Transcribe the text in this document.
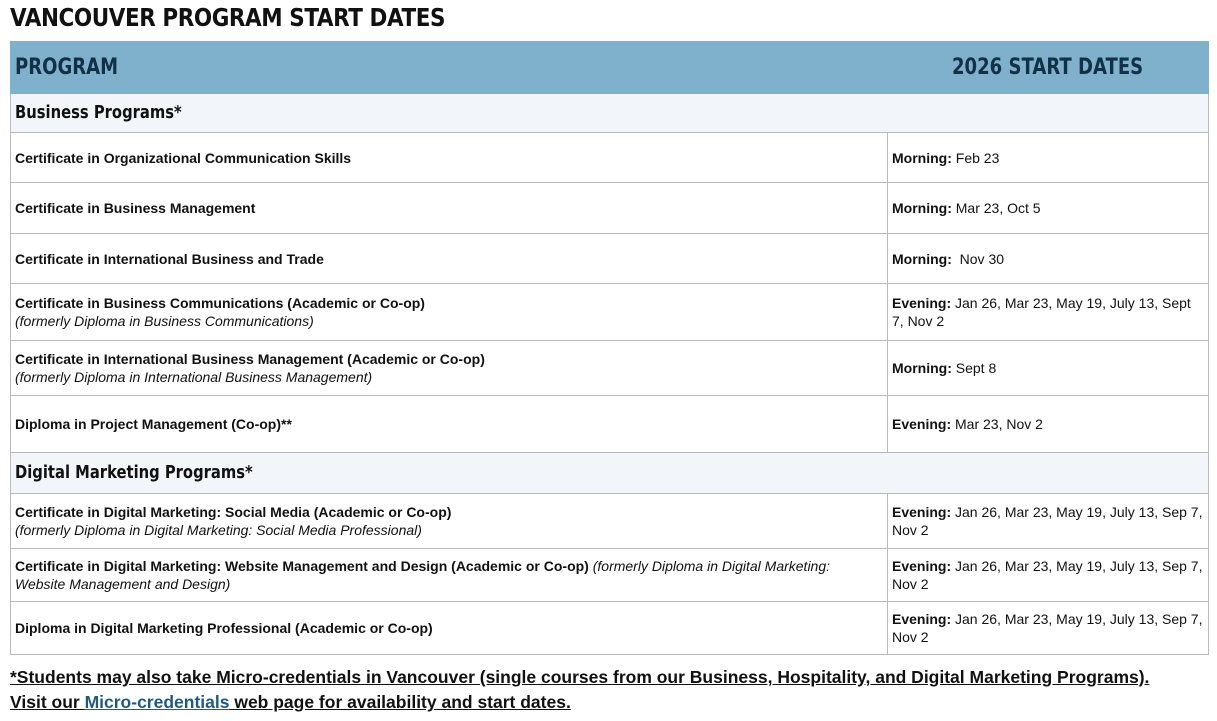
VANCOUVER PROGRAM START DATES
PROGRAM	2026 START DATES
Business Programs*	
Certificate in Organizational Communication Skills	Morning: Feb 23
Certificate in Business Management	Morning: Mar 23, Oct 5
Certificate in International Business and Trade	Morning:  Nov 30
Certificate in Business Communications (Academic or Co-op)
(formerly Diploma in Business Communications)	Evening: Jan 26, Mar 23, May 19, July 13, Sept 7, Nov 2
Certificate in International Business Management (Academic or Co-op)
(formerly Diploma in International Business Management)	Morning: Sept 8
Diploma in Project Management (Co-op)**	Evening: Mar 23, Nov 2
Digital Marketing Programs*	
Certificate in Digital Marketing: Social Media (Academic or Co-op)
(formerly Diploma in Digital Marketing: Social Media Professional)	Evening: Jan 26, Mar 23, May 19, July 13, Sep 7, Nov 2
Certificate in Digital Marketing: Website Management and Design (Academic or Co-op) (formerly Diploma in Digital Marketing: Website Management and Design)	Evening: Jan 26, Mar 23, May 19, July 13, Sep 7, Nov 2
Diploma in Digital Marketing Professional (Academic or Co-op)	Evening: Jan 26, Mar 23, May 19, July 13, Sep 7, Nov 2
*Students may also take Micro-credentials in Vancouver (single courses from our Business, Hospitality, and Digital Marketing Programs).
Visit our Micro-credentials web page for availability and start dates.
